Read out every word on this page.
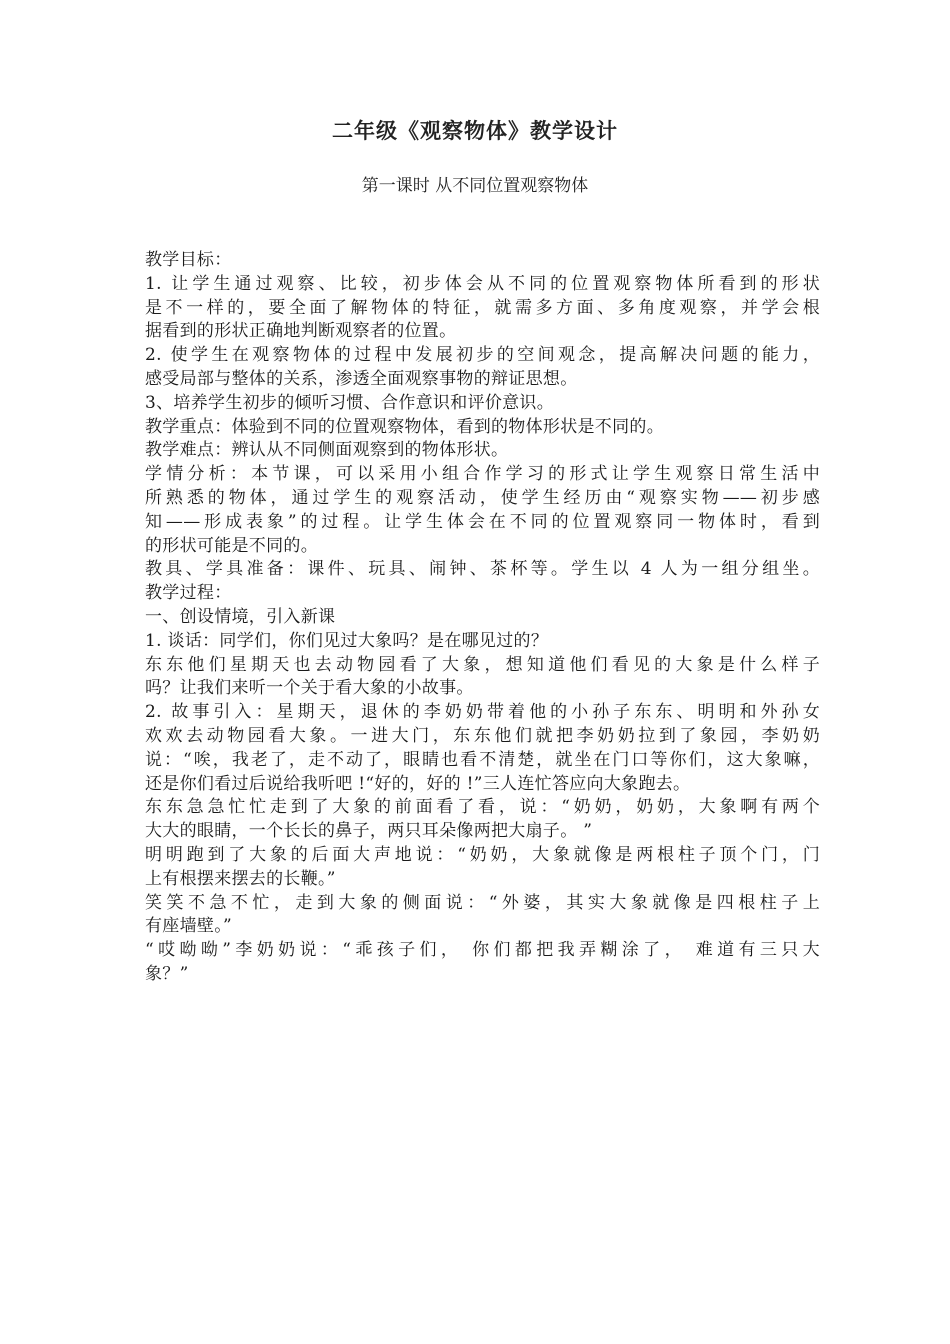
二年级《观察物体》教学设计
第一课时 从不同位置观察物体
教学目标：
1. 让学生通过观察、比较，初步体会从不同的位置观察物体所看到的形状
是不一样的，要全面了解物体的特征，就需多方面、多角度观察，并学会根
据看到的形状正确地判断观察者的位置。
2. 使学生在观察物体的过程中发展初步的空间观念，提高解决问题的能力，
感受局部与整体的关系，渗透全面观察事物的辩证思想。
3、培养学生初步的倾听习惯、合作意识和评价意识。
教学重点：体验到不同的位置观察物体，看到的物体形状是不同的。
教学难点：辨认从不同侧面观察到的物体形状。
学情分析：本节课，可以采用小组合作学习的形式让学生观察日常生活中
所熟悉的物体，通过学生的观察活动，使学生经历由“观察实物——初步感
知——形成表象”的过程。让学生体会在不同的位置观察同一物体时，看到
的形状可能是不同的。
教具、学具准备：课件、玩具、闹钟、茶杯等。学生以 4 人为一组分组坐。
教学过程：
一、创设情境，引入新课
1. 谈话：同学们，你们见过大象吗？是在哪见过的？
东东他们星期天也去动物园看了大象，想知道他们看见的大象是什么样子
吗？让我们来听一个关于看大象的小故事。
2. 故事引入：星期天，退休的李奶奶带着他的小孙子东东、明明和外孙女
欢欢去动物园看大象。一进大门，东东他们就把李奶奶拉到了象园，李奶奶
说：“唉，我老了，走不动了，眼睛也看不清楚，就坐在门口等你们，这大象嘛，
还是你们看过后说给我听吧 !“好的，好的 !”三人连忙答应向大象跑去。
东东急急忙忙走到了大象的前面看了看，说：“奶奶，奶奶，大象啊有两个
大大的眼睛，一个长长的鼻子，两只耳朵像两把大扇子。 ”
明明跑到了大象的后面大声地说：“奶奶，大象就像是两根柱子顶个门，门
上有根摆来摆去的长鞭。”
笑笑不急不忙，走到大象的侧面说：“外婆，其实大象就像是四根柱子上
有座墙壁。”
“哎呦呦”李奶奶说：“乖孩子们， 你们都把我弄糊涂了， 难道有三只大
象？”
